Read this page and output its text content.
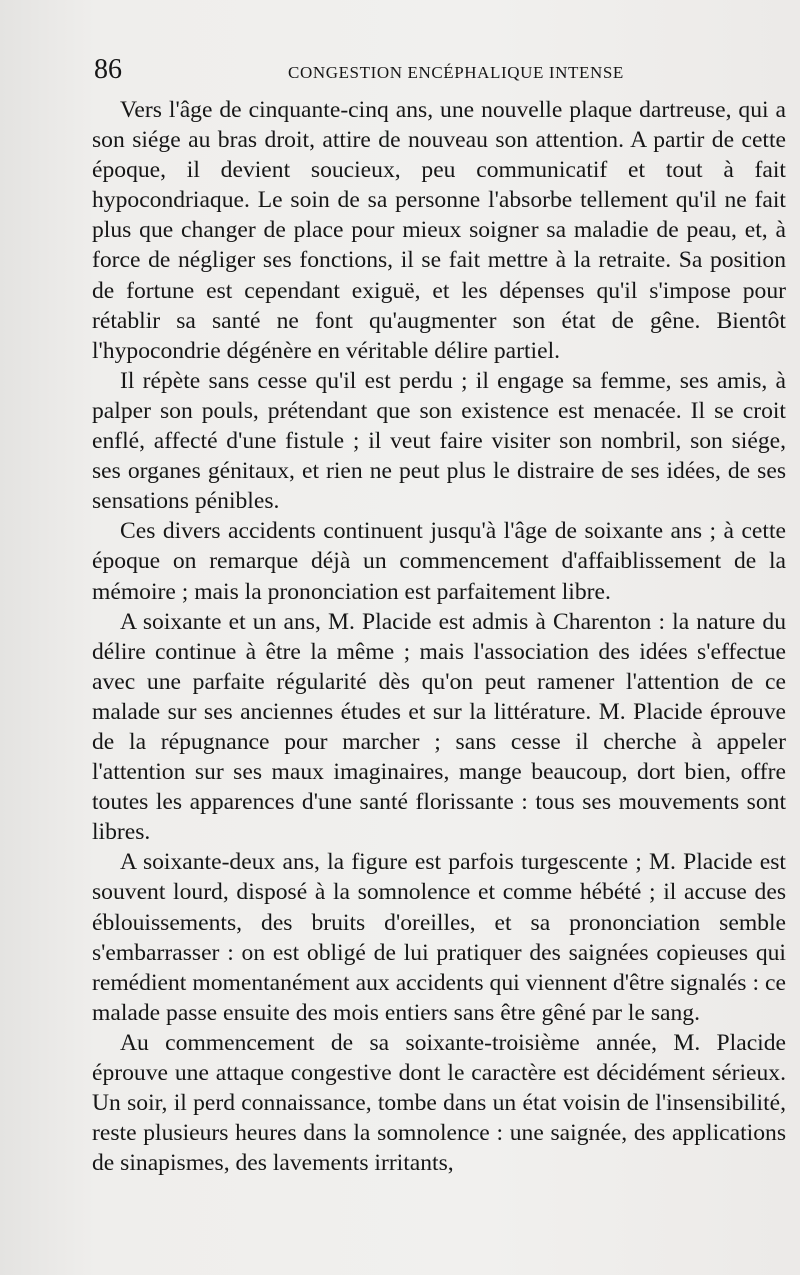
86	CONGESTION ENCÉPHALIQUE INTENSE

Vers l'âge de cinquante-cinq ans, une nouvelle plaque dartreuse, qui a son siége au bras droit, attire de nouveau son attention. A partir de cette époque, il devient soucieux, peu communicatif et tout à fait hypocondriaque. Le soin de sa personne l'absorbe tellement qu'il ne fait plus que changer de place pour mieux soigner sa maladie de peau, et, à force de négliger ses fonctions, il se fait mettre à la retraite. Sa position de fortune est cependant exiguë, et les dépenses qu'il s'impose pour rétablir sa santé ne font qu'augmenter son état de gêne. Bientôt l'hypocondrie dégénère en véritable délire partiel.

Il répète sans cesse qu'il est perdu ; il engage sa femme, ses amis, à palper son pouls, prétendant que son existence est menacée. Il se croit enflé, affecté d'une fistule ; il veut faire visiter son nombril, son siége, ses organes génitaux, et rien ne peut plus le distraire de ses idées, de ses sensations pénibles.

Ces divers accidents continuent jusqu'à l'âge de soixante ans ; à cette époque on remarque déjà un commencement d'affaiblissement de la mémoire ; mais la prononciation est parfaitement libre.

A soixante et un ans, M. Placide est admis à Charenton : la nature du délire continue à être la même ; mais l'association des idées s'effectue avec une parfaite régularité dès qu'on peut ramener l'attention de ce malade sur ses anciennes études et sur la littérature. M. Placide éprouve de la répugnance pour marcher ; sans cesse il cherche à appeler l'attention sur ses maux imaginaires, mange beaucoup, dort bien, offre toutes les apparences d'une santé florissante : tous ses mouvements sont libres.

A soixante-deux ans, la figure est parfois turgescente ; M. Placide est souvent lourd, disposé à la somnolence et comme hébété ; il accuse des éblouissements, des bruits d'oreilles, et sa prononciation semble s'embarrasser : on est obligé de lui pratiquer des saignées copieuses qui remédient momentanément aux accidents qui viennent d'être signalés : ce malade passe ensuite des mois entiers sans être gêné par le sang.

Au commencement de sa soixante-troisième année, M. Placide éprouve une attaque congestive dont le caractère est décidément sérieux. Un soir, il perd connaissance, tombe dans un état voisin de l'insensibilité, reste plusieurs heures dans la somnolence : une saignée, des applications de sinapismes, des lavements irritants,
